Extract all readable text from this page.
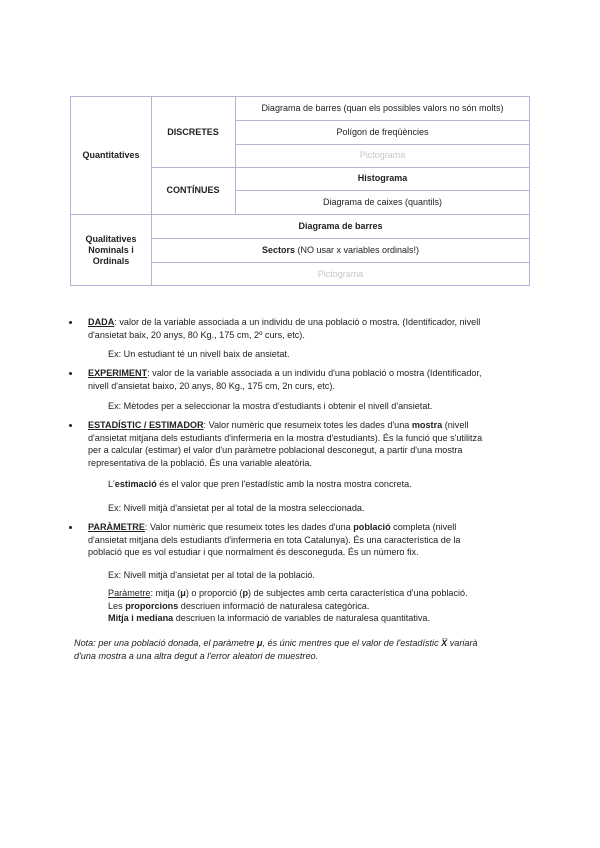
Quantitatives
DISCRETES
CONTÍNUES
Qualitatives Nominals i Ordinals
Diagrama de barres (quan els possibles valors no són molts)
Polígon de freqüències
Pictograma
Histograma
Diagrama de caixes (quantils)
Diagrama de barres
Sectors (NO usar x variables ordinals!)
Pictograma
DADA: valor de la variable associada a un individu de una població o mostra. (Identificador, nivell
d'ansietat baix, 20 anys, 80 Kg., 175 cm, 2º curs, etc).
Ex: Un estudiant té un nivell baix de ansietat.
EXPERIMENT: valor de la variable associada a un individu d'una població o mostra (Identificador,
nivell d'ansietat baixo, 20 anys, 80 Kg., 175 cm, 2n curs, etc).
Ex: Mètodes per a seleccionar la mostra d'estudiants i obtenir el nivell d'ansietat.
ESTADÍSTIC / ESTIMADOR: Valor numèric que resumeix totes les dades d'una mostra (nivell
d'ansietat mitjana dels estudiants d'infermeria en la mostra d'estudiants). És la funció que s'utilitza
per a calcular (estimar) el valor d'un paràmetre poblacional desconegut, a partir d'una mostra
representativa de la població. És una variable aleatòria.
L'estimació és el valor que pren l'estadístic amb la nostra mostra concreta.
Ex: Nivell mitjà d'ansietat per al total de la mostra seleccionada.
PARÀMETRE: Valor numèric que resumeix totes les dades d'una població completa (nivell
d'ansietat mitjana dels estudiants d'infermeria en tota Catalunya). És una característica de la
població que es vol estudiar i que normalment és desconeguda. És un número fix.
Ex: Nivell mitjà d'ansietat per al total de la població.
Paràmetre: mitja (μ) o proporció (p) de subjectes amb certa característica d'una població.
Les proporcions descriuen informació de naturalesa categòrica.
Mitja i mediana descriuen la informació de variables de naturalesa quantitativa.
Nota: per una població donada, el paràmetre μ, és únic mentres que el valor de l'estadístic X̅ variarà
d'una mostra a una altra degut a l'error aleatori de muestreo.
